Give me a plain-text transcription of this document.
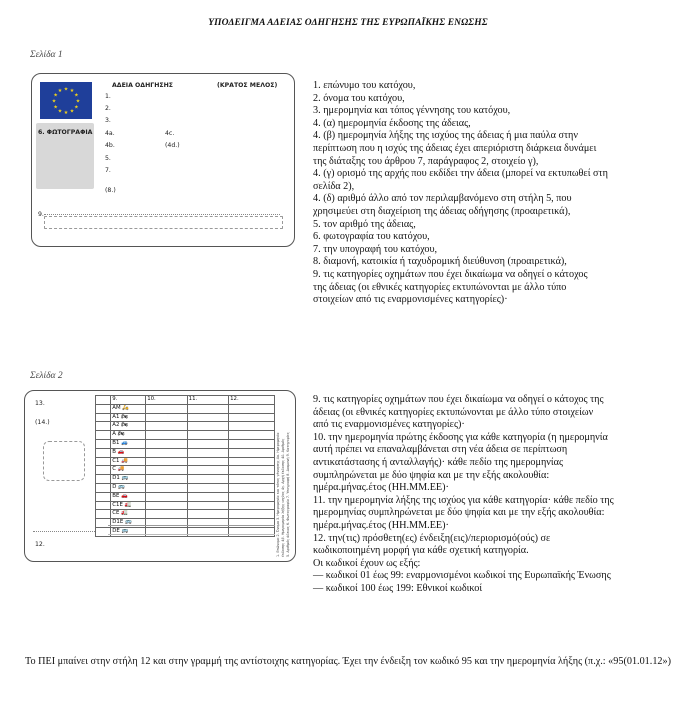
ΥΠΟΔΕΙΓΜΑ ΑΔΕΙΑΣ ΟΔΗΓΗΣΗΣ ΤΗΣ ΕΥΡΩΠΑΪΚΗΣ ΕΝΩΣΗΣ
Σελίδα 1
★ ★
★
★
★
★
★
★
★
★
★
★
6. ΦΩΤΟΓΡΑΦΙΑ
ΑΔΕΙΑ ΟΔΗΓΗΣΗΣ	(ΚΡΑΤΟΣ ΜΕΛΟΣ)
1.
2.
3.
4a.	4c.
4b.	(4d.)
5.
7.
(8.)
9.
1. επώνυμο του κατόχου,
2. όνομα του κατόχου,
3. ημερομηνία και τόπος γέννησης του κατόχου,
4. (α) ημερομηνία έκδοσης της άδειας,
4. (β) ημερομηνία λήξης της ισχύος της άδειας ή μια παύλα στην
περίπτωση που η ισχύς της άδειας έχει απεριόριστη διάρκεια δυνάμει
της διάταξης του άρθρου 7, παράγραφος 2, στοιχείο γ),
4. (γ) ορισμό της αρχής που εκδίδει την άδεια (μπορεί να εκτυπωθεί στη
σελίδα 2),
4. (δ) αριθμό άλλο από τον περιλαμβανόμενο στη στήλη 5, που
χρησιμεύει στη διαχείριση της άδειας οδήγησης (προαιρετικά),
5. τον αριθμό της άδειας,
6. φωτογραφία του κατόχου,
7. την υπογραφή του κατόχου,
8. διαμονή, κατοικία ή ταχυδρομική διεύθυνση (προαιρετικά),
9. τις κατηγορίες οχημάτων που έχει δικαίωμα να οδηγεί ο κάτοχος
της άδειας (οι εθνικές κατηγορίες εκτυπώνονται με άλλο τύπο
στοιχείων από τις εναρμονισμένες κατηγορίες)·
Σελίδα 2
13.
(14.)
12.
	9.	10.	11.	12.
	AM 🛵			
	A1 🏍			
	A2 🏍			
	A 🏍			
	B1 🚙			
	B 🚗			
	C1 🚚			
	C 🚚			
	D1 🚌			
	D 🚌			
	BE 🚗			
	C1E 🚛			
	CE 🚛			
	D1E 🚌			
	DE 🚌				1. Επώνυμο 2. Όνομα 3. Ημερομηνία και τόπος γέννησης 4α. Ημερομηνία έκδοσης 4β. Ημερομηνία λήξης ισχύος 4γ. Αρχή έκδοσης 4δ. Αριθμός 5. Αριθμός άδειας 6. Φωτογραφία 7. Υπογραφή 8. Διαμονή 9. Κατηγορίες
9. τις κατηγορίες οχημάτων που έχει δικαίωμα να οδηγεί ο κάτοχος της
άδειας (οι εθνικές κατηγορίες εκτυπώνονται με άλλο τύπο στοιχείων
από τις εναρμονισμένες κατηγορίες)·
10. την ημερομηνία πρώτης έκδοσης για κάθε κατηγορία (η ημερομηνία
αυτή πρέπει να επαναλαμβάνεται στη νέα άδεια σε περίπτωση
αντικατάστασης ή ανταλλαγής)· κάθε πεδίο της ημερομηνίας
συμπληρώνεται με δύο ψηφία και με την εξής ακολουθία:
ημέρα.μήνας.έτος (ΗΗ.ΜΜ.ΕΕ)·
11. την ημερομηνία λήξης της ισχύος για κάθε κατηγορία· κάθε πεδίο της
ημερομηνίας συμπληρώνεται με δύο ψηφία και με την εξής ακολουθία:
ημέρα.μήνας.έτος (ΗΗ.ΜΜ.ΕΕ)·
12. την(τις) πρόσθετη(ες) ένδειξη(εις)/περιορισμό(ούς) σε
κωδικοποιημένη μορφή για κάθε σχετική κατηγορία.
Οι κωδικοί έχουν ως εξής:
— κωδικοί 01 έως 99: εναρμονισμένοι κωδικοί της Ευρωπαϊκής Ένωσης
— κωδικοί 100 έως 199: Εθνικοί κωδικοί
Το ΠΕΙ μπαίνει στην στήλη 12 και στην γραμμή της αντίστοιχης κατηγορίας. Έχει την ένδειξη τον κωδικό 95 και την ημερομηνία λήξης (π.χ.: «95(01.01.12»)
